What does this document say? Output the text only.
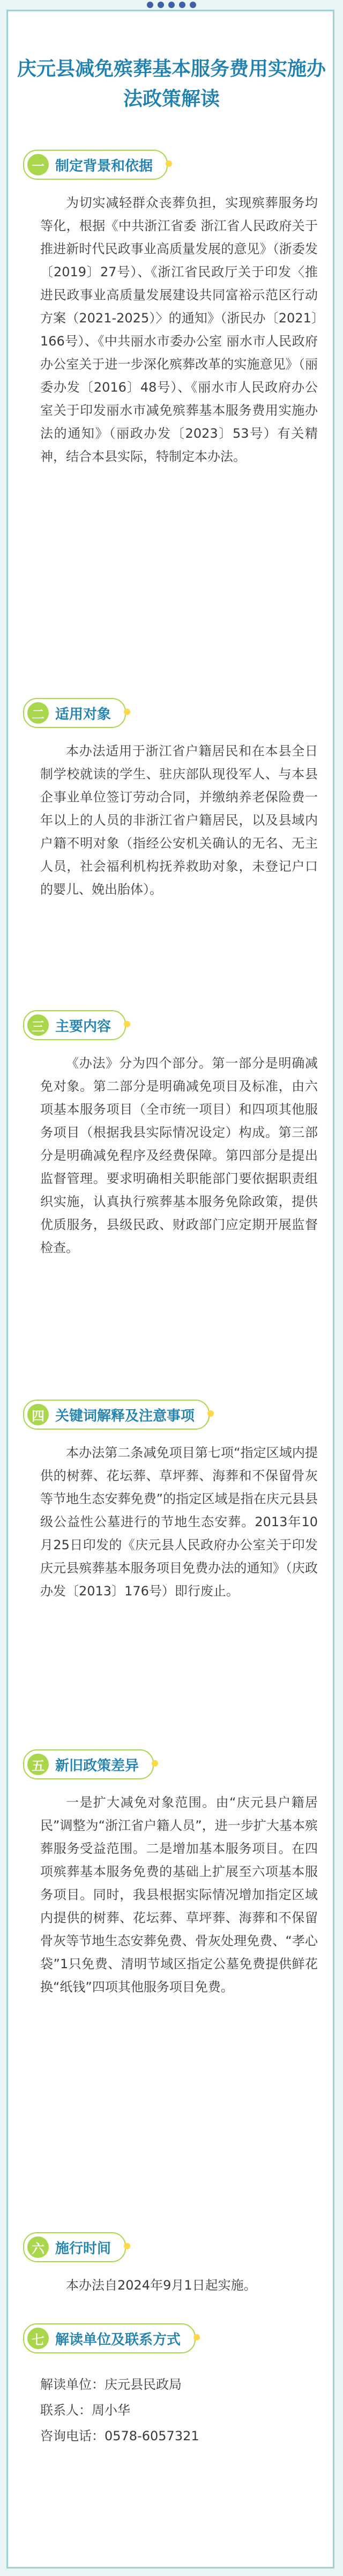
庆元县减免殡葬基本服务费用实施办法政策解读
一 制定背景和依据
为切实减轻群众丧葬负担，实现殡葬服务均等化，根据《中共浙江省委 浙江省人民政府关于推进新时代民政事业高质量发展的意见》（浙委发〔2019〕27号）、《浙江省民政厅关于印发〈推进民政事业高质量发展建设共同富裕示范区行动方案（2021-2025）〉的通知》（浙民办〔2021〕166号）、《中共丽水市委办公室 丽水市人民政府办公室关于进一步深化殡葬改革的实施意见》（丽委办发〔2016〕48号）、《丽水市人民政府办公室关于印发丽水市减免殡葬基本服务费用实施办法的通知》（丽政办发〔2023〕53号）有关精神，结合本县实际，特制定本办法。
二 适用对象
本办法适用于浙江省户籍居民和在本县全日制学校就读的学生、驻庆部队现役军人、与本县企事业单位签订劳动合同，并缴纳养老保险费一年以上的人员的非浙江省户籍居民，以及县域内户籍不明对象（指经公安机关确认的无名、无主人员，社会福利机构抚养救助对象，未登记户口的婴儿、娩出胎体）。
三 主要内容
《办法》分为四个部分。第一部分是明确减免对象。第二部分是明确减免项目及标准，由六项基本服务项目（全市统一项目）和四项其他服务项目（根据我县实际情况设定）构成。第三部分是明确减免程序及经费保障。第四部分是提出监督管理。要求明确相关职能部门要依据职责组织实施，认真执行殡葬基本服务免除政策，提供优质服务，县级民政、财政部门应定期开展监督检查。
四 关键词解释及注意事项
本办法第二条减免项目第七项“指定区域内提供的树葬、花坛葬、草坪葬、海葬和不保留骨灰等节地生态安葬免费”的指定区域是指在庆元县县级公益性公墓进行的节地生态安葬。2013年10月25日印发的《庆元县人民政府办公室关于印发庆元县殡葬基本服务项目免费办法的通知》（庆政办发〔2013〕176号）即行废止。
五 新旧政策差异
一是扩大减免对象范围。由“庆元县户籍居民”调整为“浙江省户籍人员”，进一步扩大基本殡葬服务受益范围。二是增加基本服务项目。在四项殡葬基本服务免费的基础上扩展至六项基本服务项目。同时，我县根据实际情况增加指定区域内提供的树葬、花坛葬、草坪葬、海葬和不保留骨灰等节地生态安葬免费、骨灰处理免费、“孝心袋”1只免费、清明节域区指定公墓免费提供鲜花换“纸钱”四项其他服务项目免费。
六 施行时间
本办法自2024年9月1日起实施。
七 解读单位及联系方式
解读单位：庆元县民政局
联系人：周小华
咨询电话：0578-6057321
